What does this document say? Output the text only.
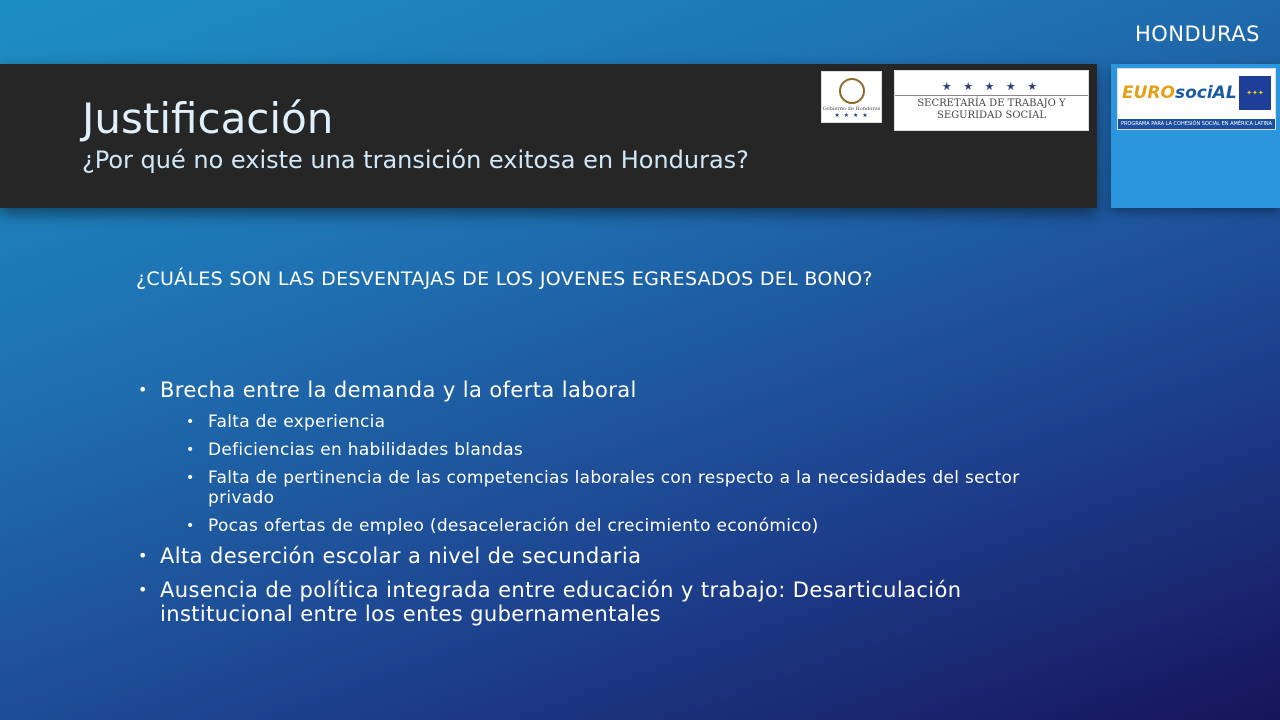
HONDURAS
Justificación
¿Por qué no existe una transición exitosa en Honduras?
Gobierno de Honduras
★ ★ ★ ★
★ ★ ★ ★ ★
SECRETARÍA DE TRABAJO Y SEGURIDAD SOCIAL
EUROsociAL	✦✦✦
PROGRAMA PARA LA COHESIÓN SOCIAL EN AMÉRICA LATINA
¿CUÁLES SON LAS DESVENTAJAS DE LOS JOVENES EGRESADOS DEL BONO?
• Brecha entre la demanda y la oferta laboral
• Falta de experiencia
• Deficiencias en habilidades blandas
• Falta de pertinencia de las competencias laborales con respecto a la necesidades del sector privado
• Pocas ofertas de empleo (desaceleración del crecimiento económico)
• Alta deserción escolar a nivel de secundaria
• Ausencia de política integrada entre educación y trabajo: Desarticulación institucional entre los entes gubernamentales
